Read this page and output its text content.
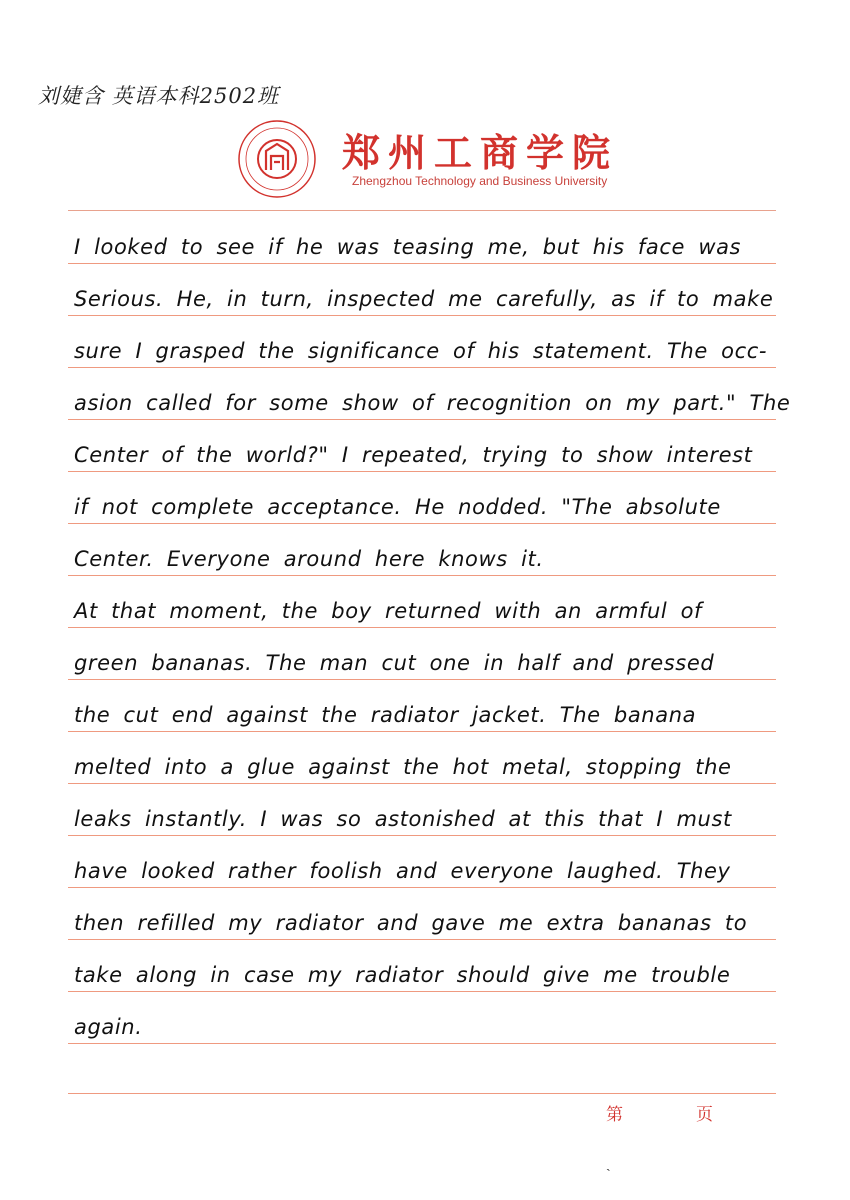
刘婕含 英语本科2502班
郑州工商学院
Zhengzhou Technology and Business University
I looked to see if he was teasing me, but his face was
Serious. He, in turn, inspected me carefully, as if to make
sure I grasped the significance of his statement. The occ-
asion called for some show of recognition on my part." The
Center of the world?" I repeated, trying to show interest
if not complete acceptance. He nodded. "The absolute
Center. Everyone around here knows it.
At that moment, the boy returned with an armful of
green bananas. The man cut one in half and pressed
the cut end against the radiator jacket. The banana
melted into a glue against the hot metal, stopping the
leaks instantly. I was so astonished at this that I must
have looked rather foolish and everyone laughed. They
then refilled my radiator and gave me extra bananas to
take along in case my radiator should give me trouble
again.
第	页
ˏ
